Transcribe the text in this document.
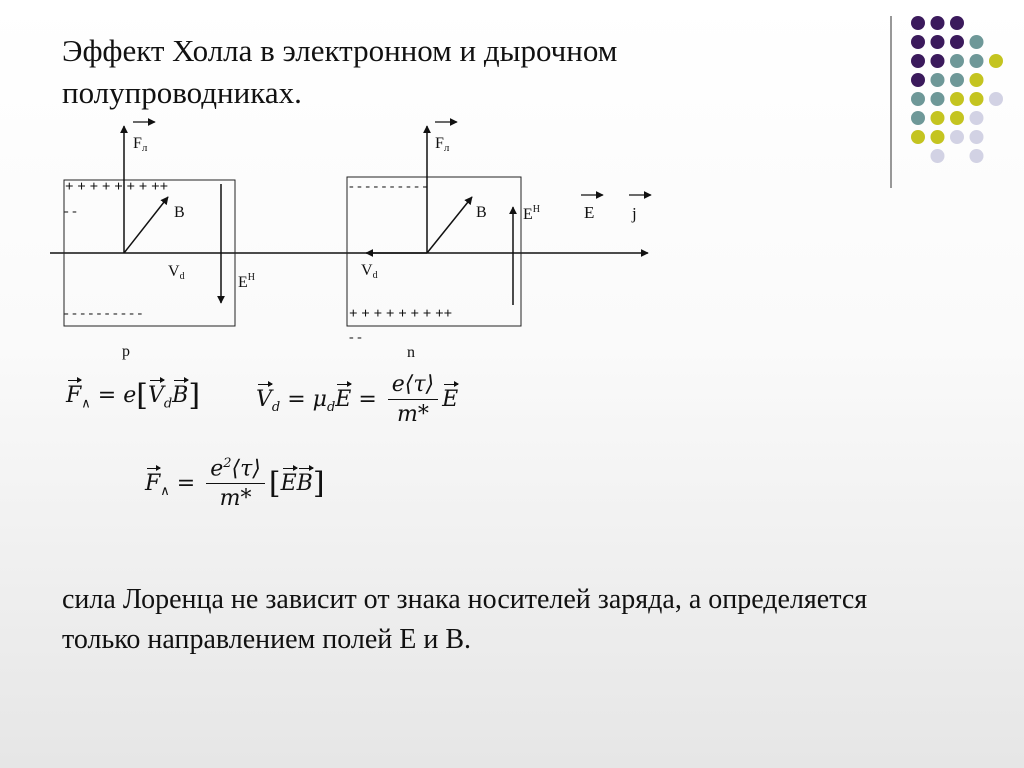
Эффект Холла в электронном и дырочном полупроводниках.
+ + + + + + + ++
- -
- - - - - - - - - -
Fл
B
Vd	$E^H$
p
- - - - - - - - - -
+ + + + + + + ++
- -
Fл
B
Vd
$E^H$
n
E j
$F_\wedge = e[V_dB]$	$V_d = \mu_dE = \frac{e⟨\tau⟩}{m*}$ E
$F_\wedge = \frac{e^2⟨\tau⟩}{m*} [EB]$

сила Лоренца не зависит от знака носителей заряда, а определяется только направлением полей Е и В.
